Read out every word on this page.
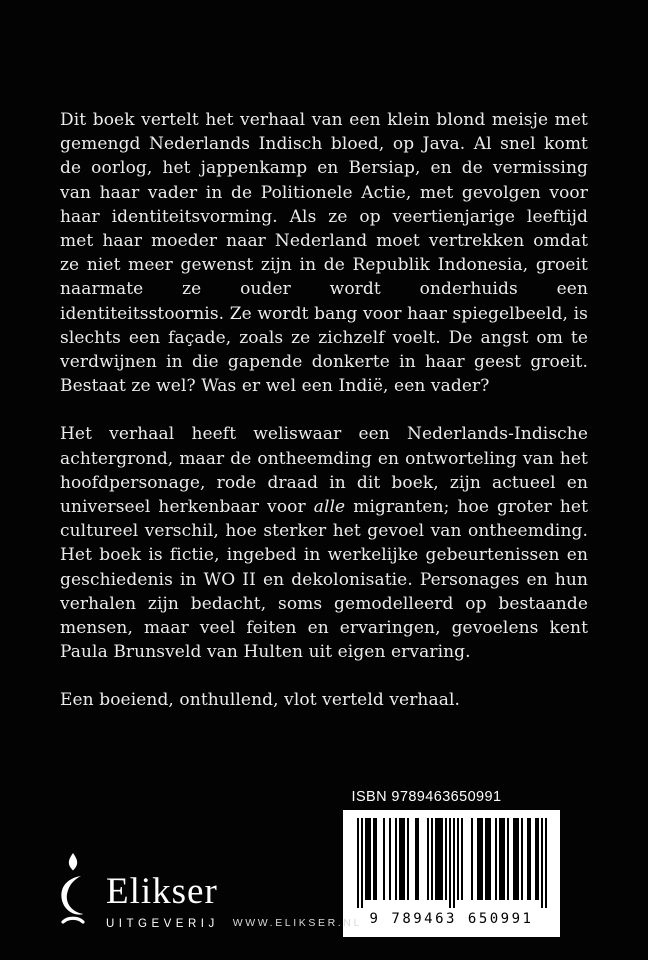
Dit boek vertelt het verhaal van een klein blond meisje met gemengd Nederlands Indisch bloed, op Java. Al snel komt de oorlog, het jappenkamp en Bersiap, en de vermissing van haar vader in de Politionele Actie, met gevolgen voor haar identiteitsvorming. Als ze op veertienjarige leeftijd met haar moeder naar Nederland moet vertrekken omdat ze niet meer gewenst zijn in de Republik Indonesia, groeit naarmate ze ouder wordt onderhuids een identiteitsstoornis. Ze wordt bang voor haar spiegelbeeld, is slechts een façade, zoals ze zichzelf voelt. De angst om te verdwijnen in die gapende donkerte in haar geest groeit. Bestaat ze wel? Was er wel een Indië, een vader?

Het verhaal heeft weliswaar een Nederlands-Indische achtergrond, maar de ontheemding en ontworteling van het hoofdpersonage, rode draad in dit boek, zijn actueel en universeel herkenbaar voor alle migranten; hoe groter het cultureel verschil, hoe sterker het gevoel van ontheemding. Het boek is fictie, ingebed in werkelijke gebeurtenissen en geschiedenis in WO II en dekolonisatie. Personages en hun verhalen zijn bedacht, soms gemodelleerd op bestaande mensen, maar veel feiten en ervaringen, gevoelens kent Paula Brunsveld van Hulten uit eigen ervaring.

Een boeiend, onthullend, vlot verteld verhaal.

ISBN 9789463650991
9 789463 650991
Elikser
UITGEVERIJ WWW.ELIKSER.NL
